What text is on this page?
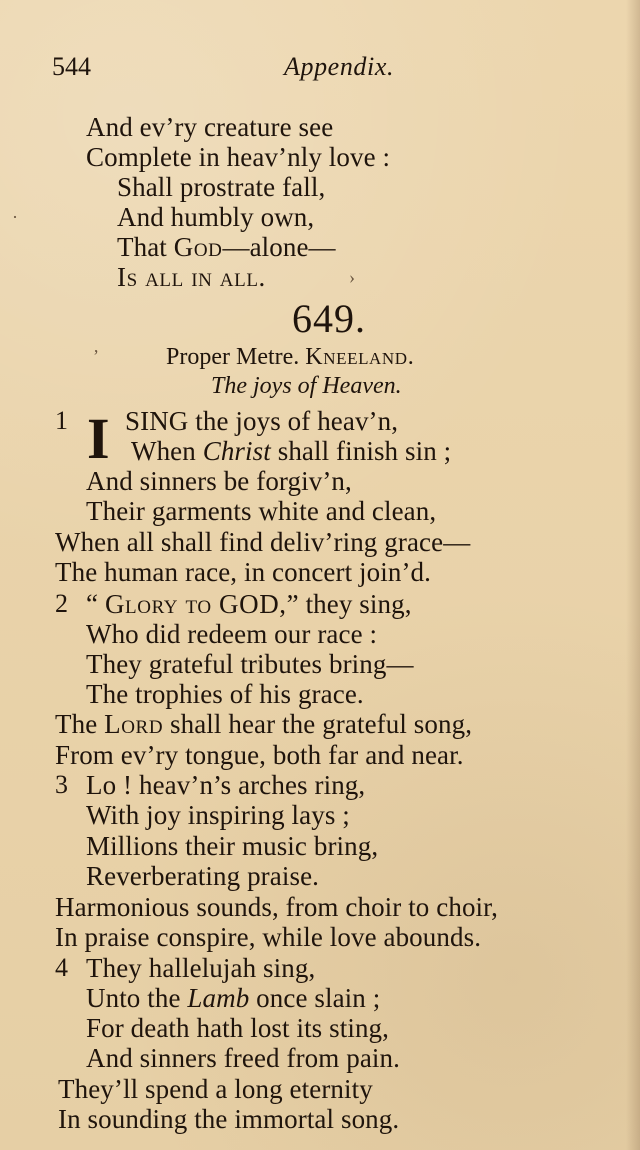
544	Appendix.
And ev’ry creature see
Complete in heav’nly love :
Shall prostrate fall,
And humbly own,
That God—alone—
Is all in all.
649.
Proper Metre. Kneeland.
The joys of Heaven.
1 I SING the joys of heav’n,
When Christ shall finish sin ;
And sinners be forgiv’n,
Their garments white and clean,
When all shall find deliv’ring grace—
The human race, in concert join’d.
2 “ Glory to GOD,” they sing,
Who did redeem our race :
They grateful tributes bring—
The trophies of his grace.
The Lord shall hear the grateful song,
From ev’ry tongue, both far and near.
3 Lo ! heav’n’s arches ring,
With joy inspiring lays ;
Millions their music bring,
Reverberating praise.
Harmonious sounds, from choir to choir,
In praise conspire, while love abounds.
4 They hallelujah sing,
Unto the Lamb once slain ;
For death hath lost its sting,
And sinners freed from pain.
They’ll spend a long eternity
In sounding the immortal song.
›
·
’
